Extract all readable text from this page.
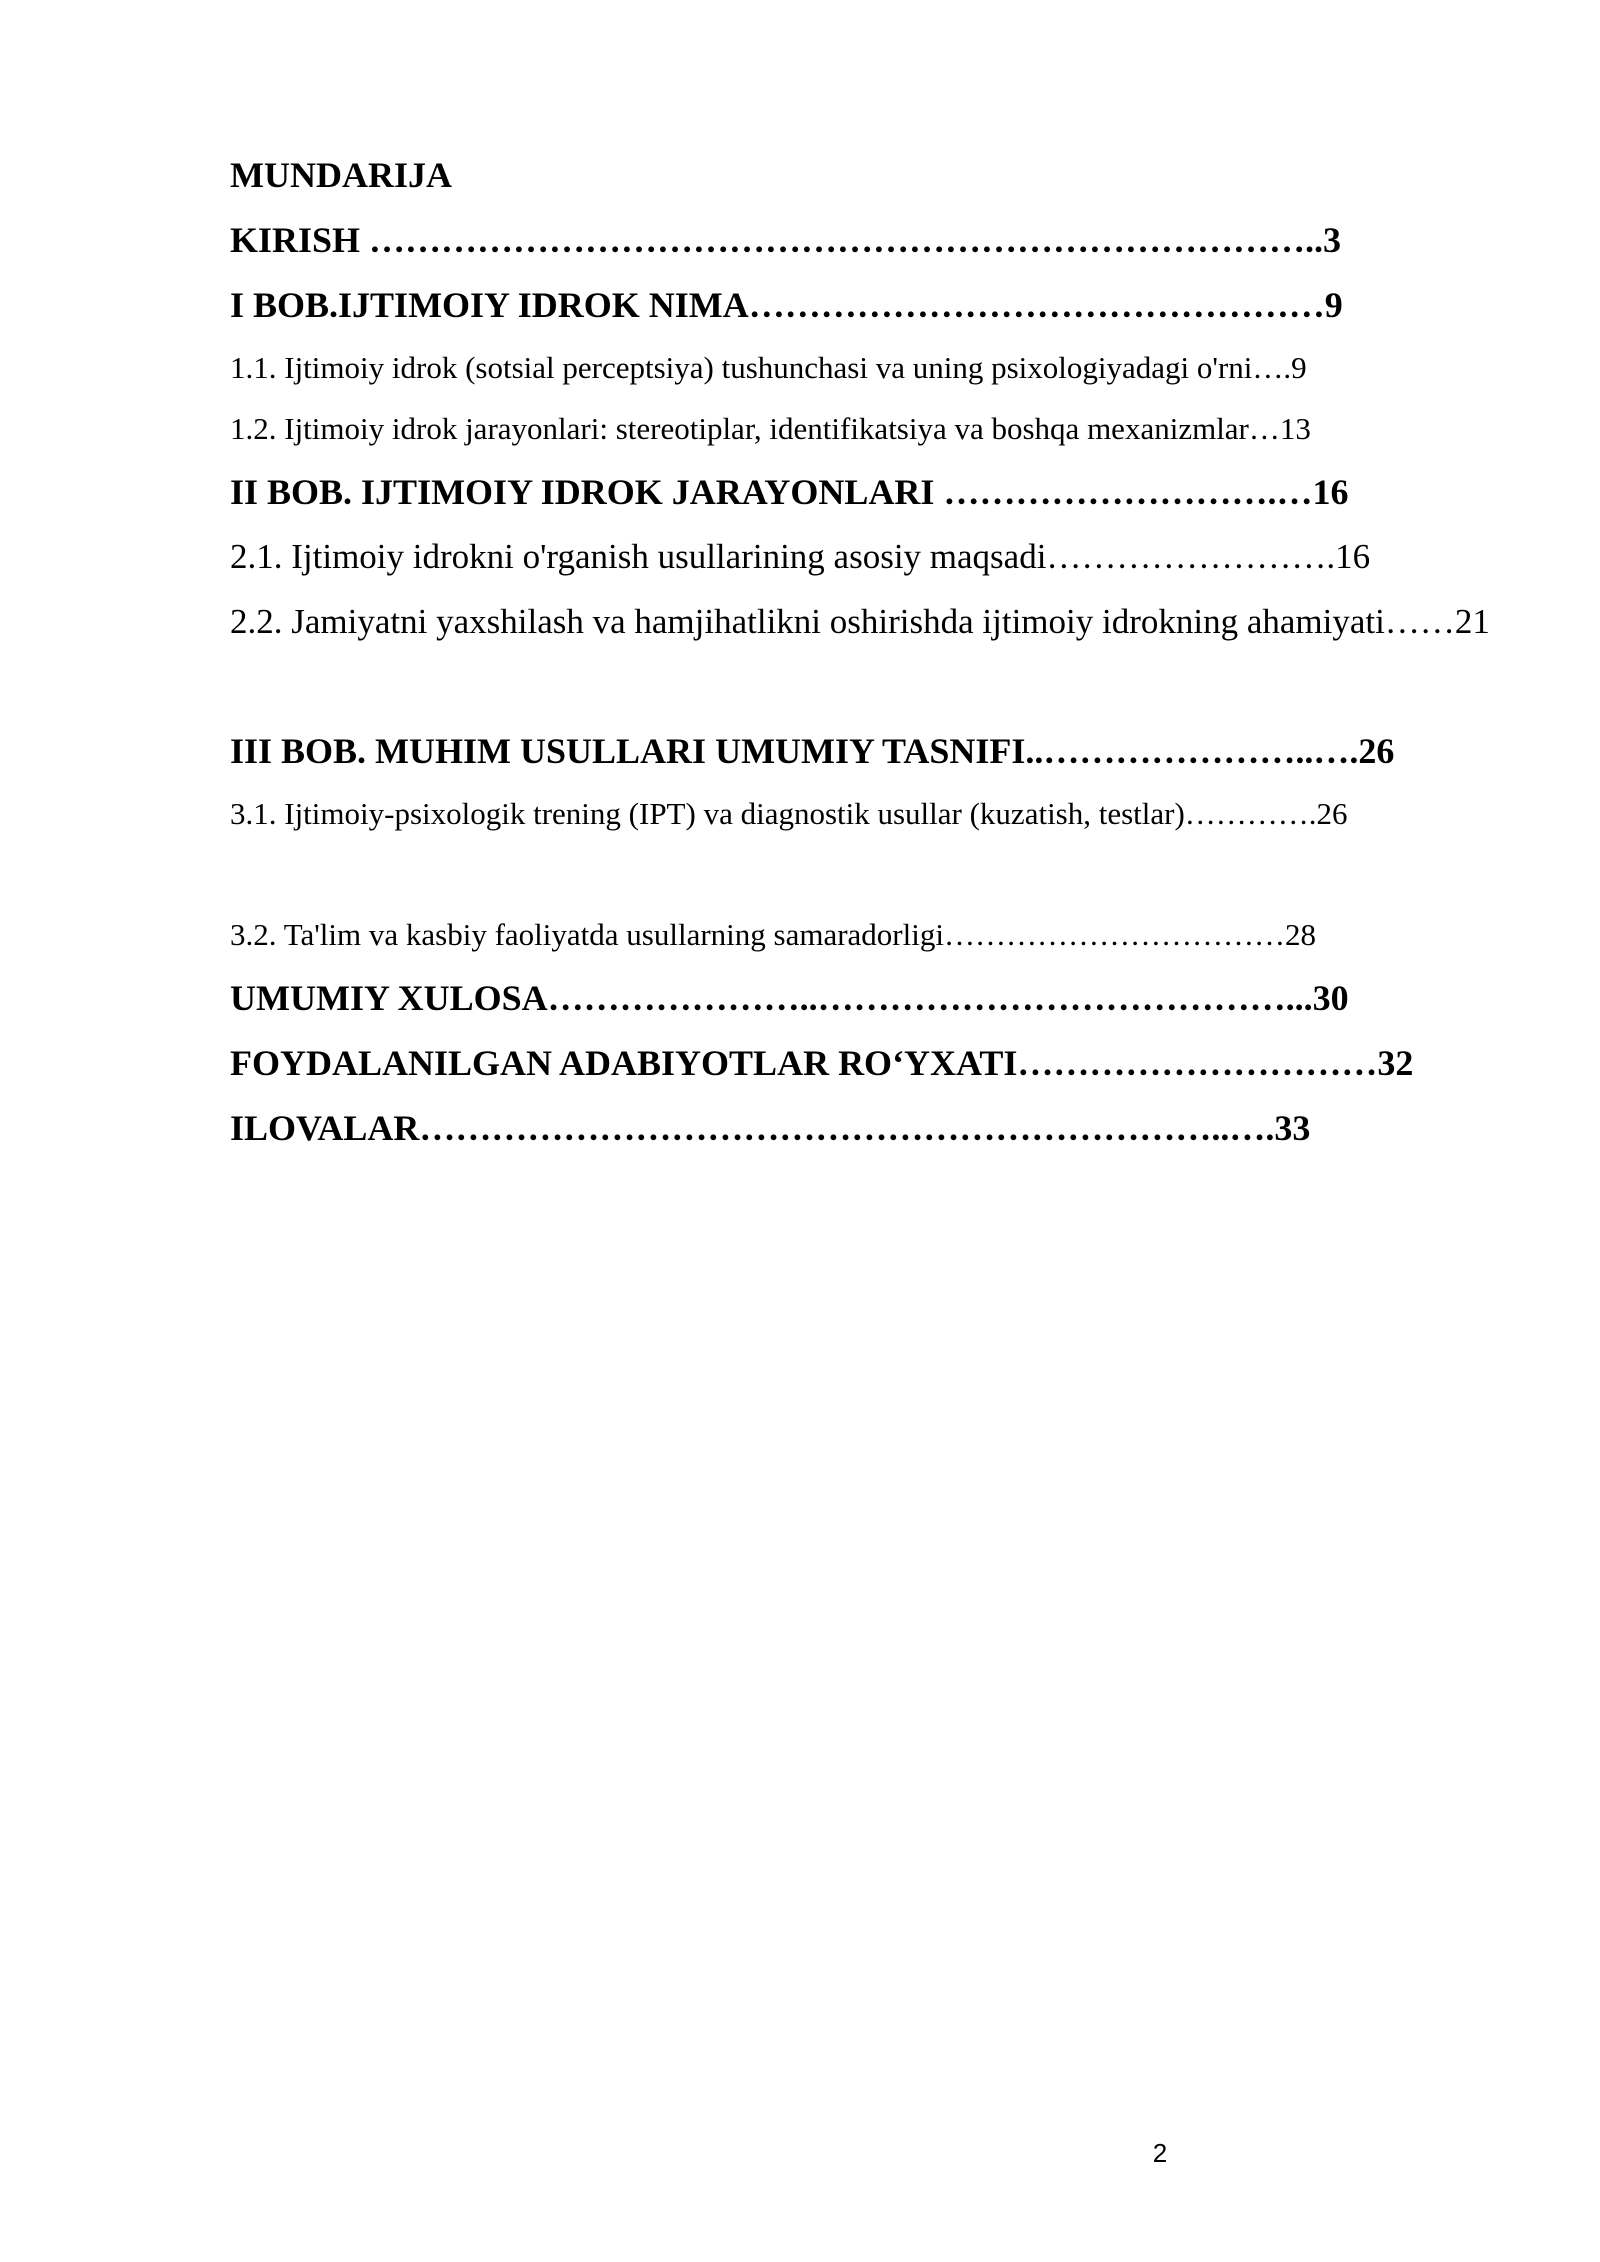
MUNDARIJA
KIRISH ……………………………………………………………………..3
I BOB.IJTIMOIY IDROK NIMA…………………………………………9
1.1. Ijtimoiy idrok (sotsial perceptsiya) tushunchasi va uning psixologiyadagi o'rni….9
1.2. Ijtimoiy idrok jarayonlari: stereotiplar, identifikatsiya va boshqa mexanizmlar…13
II BOB. IJTIMOIY IDROK JARAYONLARI ……………………….…16
2.1. Ijtimoiy idrokni o'rganish usullarining asosiy maqsadi…………………….16
2.2. Jamiyatni yaxshilash va hamjihatlikni oshirishda ijtimoiy idrokning ahamiyati……21
III BOB. MUHIM USULLARI UMUMIY TASNIFI..…………………..….26
3.1. Ijtimoiy-psixologik trening (IPT) va diagnostik usullar (kuzatish, testlar)………….26
3.2. Ta'lim va kasbiy faoliyatda usullarning samaradorligi……………………………28
UMUMIY XULOSA…………………..…………………………………...30
FOYDALANILGAN ADABIYOTLAR RO‘YXATI…………………………32
ILOVALAR…………………………………………………………..….33
2
